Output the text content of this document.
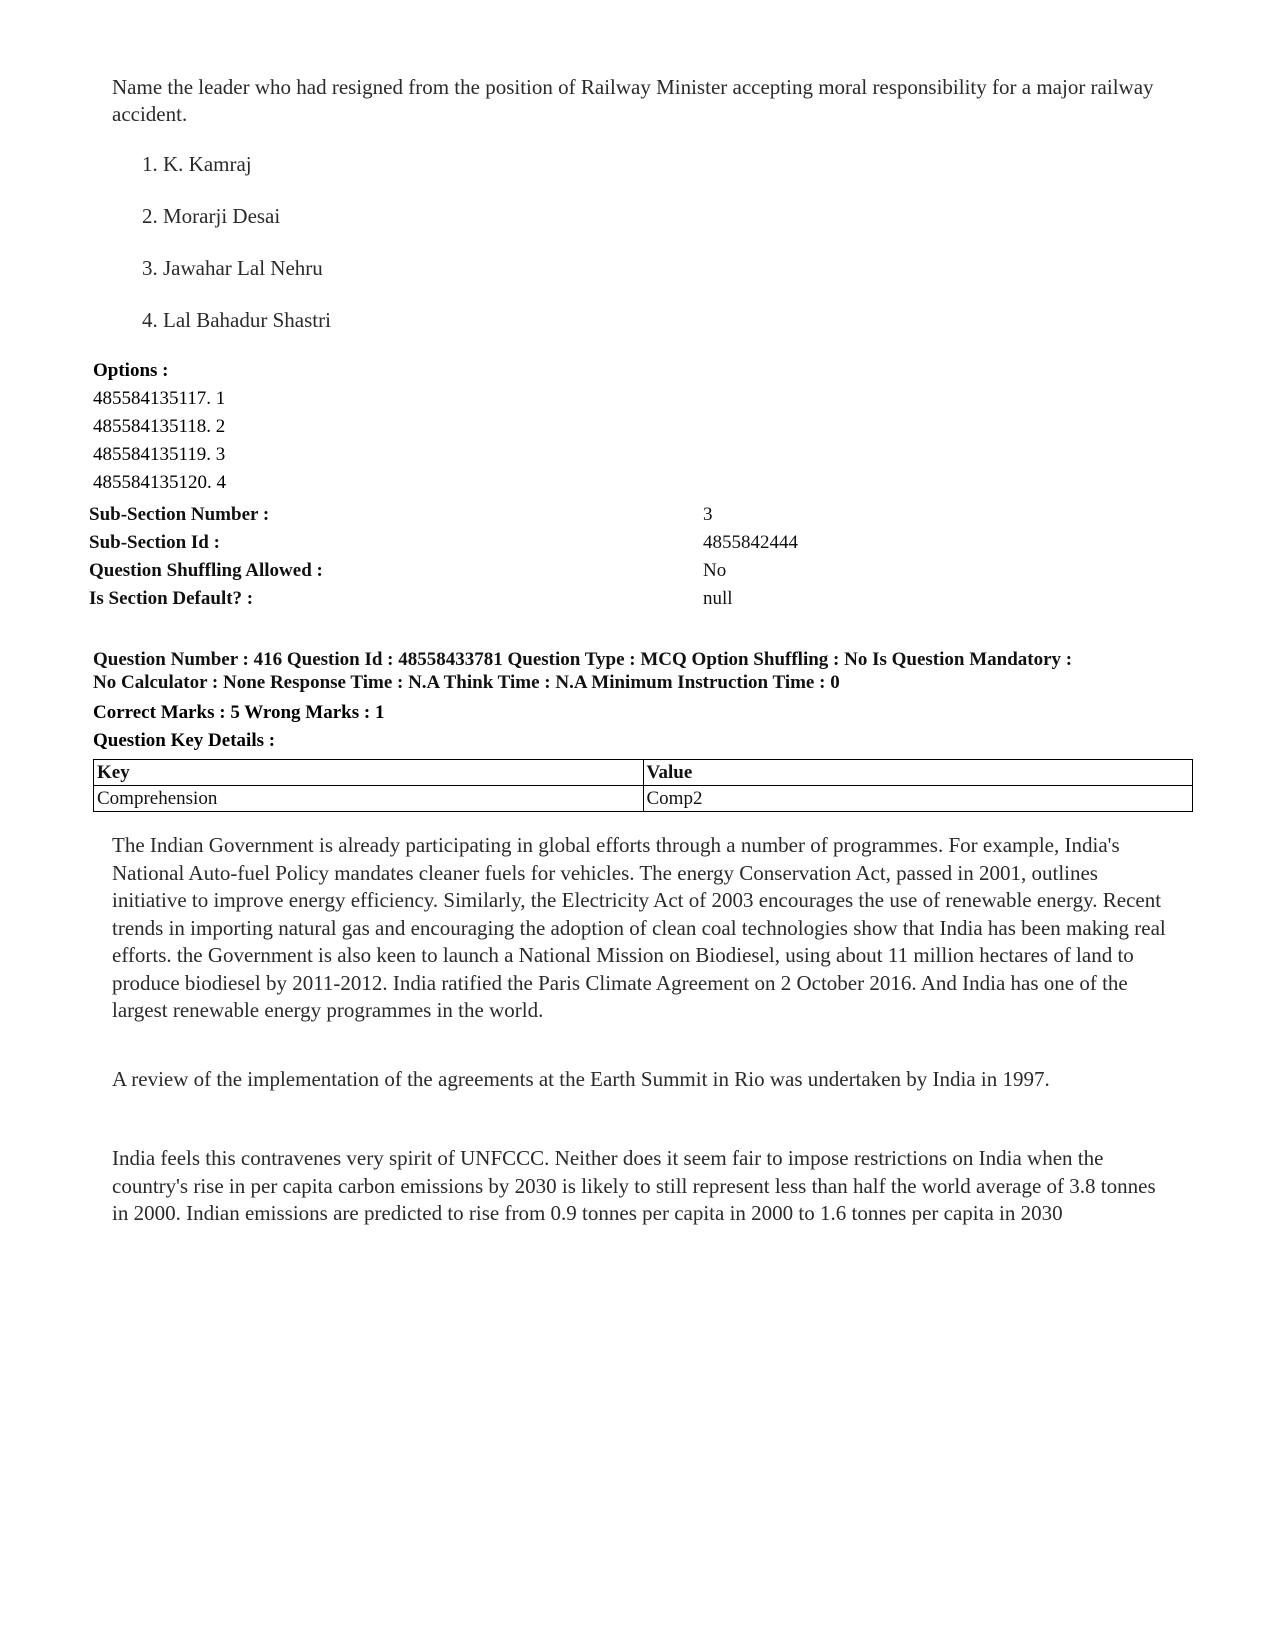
Name the leader who had resigned from the position of Railway Minister accepting moral responsibility for a major railway accident.
1. K. Kamraj
2. Morarji Desai
3. Jawahar Lal Nehru
4. Lal Bahadur Shastri
Options :
485584135117. 1
485584135118. 2
485584135119. 3
485584135120. 4
Sub-Section Number :	3
Sub-Section Id :	4855842444
Question Shuffling Allowed :	No
Is Section Default? :	null
Question Number : 416 Question Id : 48558433781 Question Type : MCQ Option Shuffling : No Is Question Mandatory :
No Calculator : None Response Time : N.A Think Time : N.A Minimum Instruction Time : 0
Correct Marks : 5 Wrong Marks : 1
Question Key Details :
Key	Value
Comprehension	Comp2
The Indian Government is already participating in global efforts through a number of programmes. For example, India's National Auto-fuel Policy mandates cleaner fuels for vehicles. The energy Conservation Act, passed in 2001, outlines initiative to improve energy efficiency. Similarly, the Electricity Act of 2003 encourages the use of renewable energy. Recent trends in importing natural gas and encouraging the adoption of clean coal technologies show that India has been making real efforts. the Government is also keen to launch a National Mission on Biodiesel, using about 11 million hectares of land to produce biodiesel by 2011-2012. India ratified the Paris Climate Agreement on 2 October 2016. And India has one of the largest renewable energy programmes in the world.
A review of the implementation of the agreements at the Earth Summit in Rio was undertaken by India in 1997.
India feels this contravenes very spirit of UNFCCC. Neither does it seem fair to impose restrictions on India when the country's rise in per capita carbon emissions by 2030 is likely to still represent less than half the world average of 3.8 tonnes in 2000. Indian emissions are predicted to rise from 0.9 tonnes per capita in 2000 to 1.6 tonnes per capita in 2030
